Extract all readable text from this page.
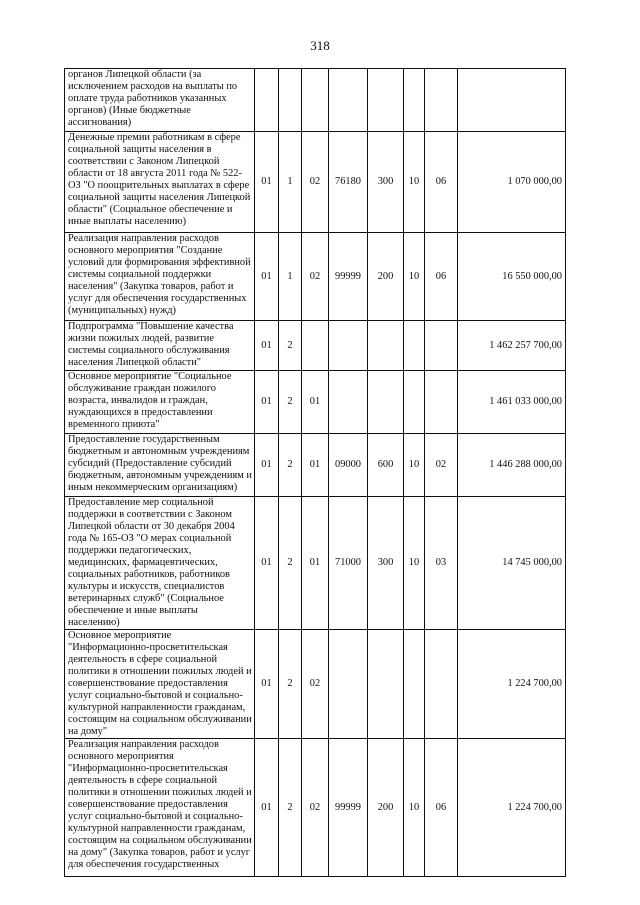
318
органов Липецкой области (за исключением расходов на выплаты по оплате труда работников указанных органов) (Иные бюджетные ассигнования)								
Денежные премии работникам в сфере социальной защиты населения в соответствии с Законом Липецкой области от 18 августа 2011 года № 522-ОЗ "О поощрительных выплатах в сфере социальной защиты населения Липецкой области" (Социальное обеспечение и иные выплаты населению)	01	1	02	76180	300	10	06	1 070 000,00
Реализация направления расходов основного мероприятия "Создание условий для формирования эффективной системы социальной поддержки населения" (Закупка товаров, работ и услуг для обеспечения государственных (муниципальных) нужд)	01	1	02	99999	200	10	06	16 550 000,00
Подпрограмма "Повышение качества жизни пожилых людей, развитие системы социального обслуживания населения Липецкой области"	01	2						1 462 257 700,00
Основное мероприятие "Социальное обслуживание граждан пожилого возраста, инвалидов и граждан, нуждающихся в предоставлении временного приюта"	01	2	01					1 461 033 000,00
Предоставление государственным бюджетным и автономным учреждениям субсидий (Предоставление субсидий бюджетным, автономным учреждениям и иным некоммерческим организациям)	01	2	01	09000	600	10	02	1 446 288 000,00
Предоставление мер социальной поддержки в соответствии с Законом Липецкой области от 30 декабря 2004 года № 165-ОЗ "О мерах социальной поддержки педагогических, медицинских, фармацевтических, социальных работников, работников культуры и искусств, специалистов ветеринарных служб" (Социальное обеспечение и иные выплаты населению)	01	2	01	71000	300	10	03	14 745 000,00
Основное мероприятие "Информационно-просветительская деятельность в сфере социальной политики в отношении пожилых людей и совершенствование предоставления услуг социально-бытовой и социально-культурной направленности гражданам, состоящим на социальном обслуживании на дому"	01	2	02					1 224 700,00
Реализация направления расходов основного мероприятия "Информационно-просветительская деятельность в сфере социальной политики в отношении пожилых людей и совершенствование предоставления услуг социально-бытовой и социально-культурной направленности гражданам, состоящим на социальном обслуживании на дому" (Закупка товаров, работ и услуг для обеспечения государственных	01	2	02	99999	200	10	06	1 224 700,00
